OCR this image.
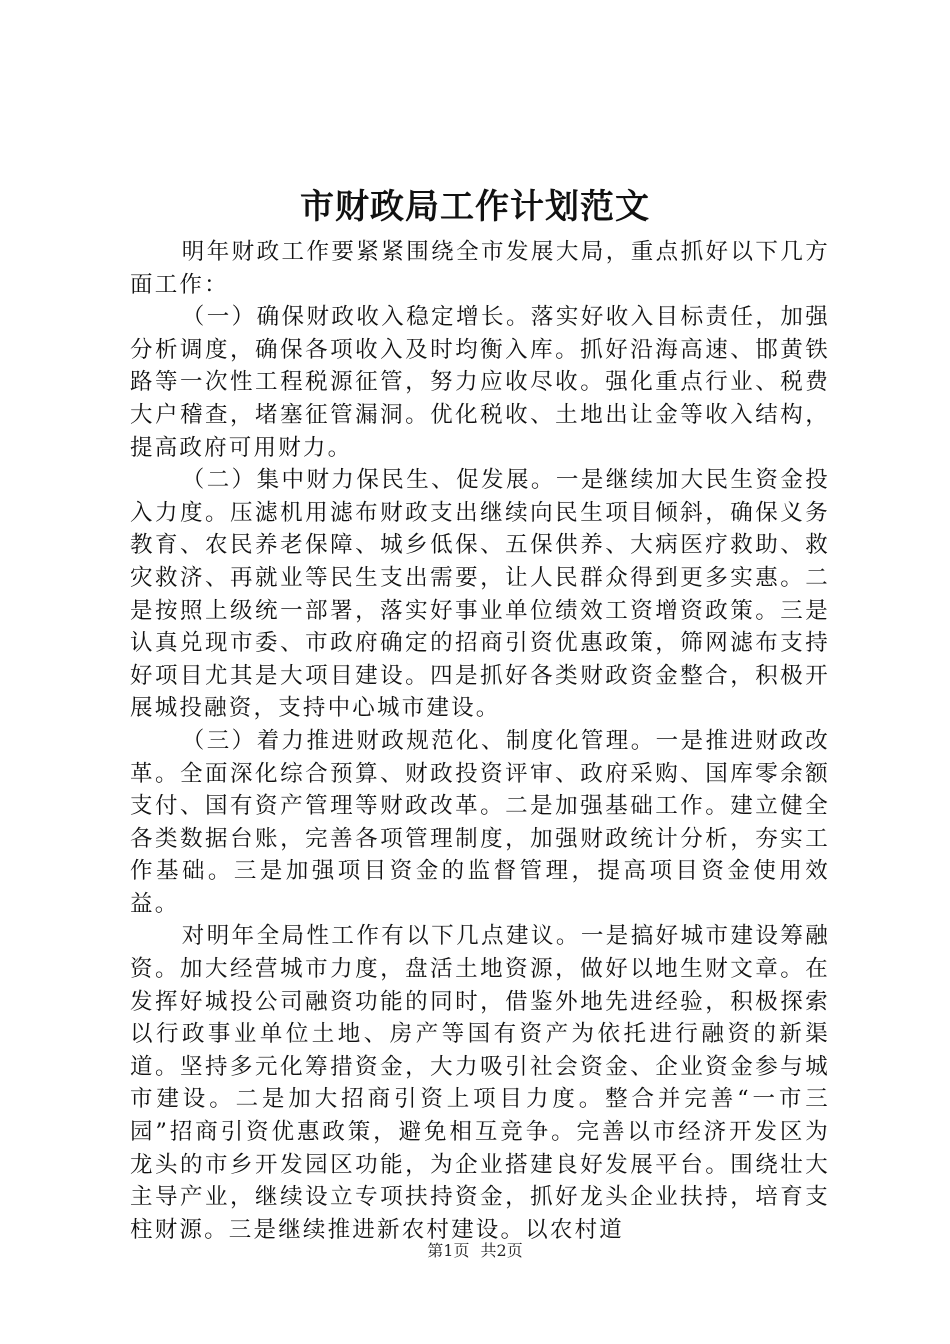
市财政局工作计划范文

明年财政工作要紧紧围绕全市发展大局，重点抓好以下几方面工作：

（一）确保财政收入稳定增长。落实好收入目标责任，加强分析调度，确保各项收入及时均衡入库。抓好沿海高速、邯黄铁路等一次性工程税源征管，努力应收尽收。强化重点行业、税费大户稽查，堵塞征管漏洞。优化税收、土地出让金等收入结构，提高政府可用财力。

（二）集中财力保民生、促发展。一是继续加大民生资金投入力度。压滤机用滤布财政支出继续向民生项目倾斜，确保义务教育、农民养老保障、城乡低保、五保供养、大病医疗救助、救灾救济、再就业等民生支出需要，让人民群众得到更多实惠。二是按照上级统一部署，落实好事业单位绩效工资增资政策。三是认真兑现市委、市政府确定的招商引资优惠政策，筛网滤布支持好项目尤其是大项目建设。四是抓好各类财政资金整合，积极开展城投融资，支持中心城市建设。

（三）着力推进财政规范化、制度化管理。一是推进财政改革。全面深化综合预算、财政投资评审、政府采购、国库零余额支付、国有资产管理等财政改革。二是加强基础工作。建立健全各类数据台账，完善各项管理制度，加强财政统计分析，夯实工作基础。三是加强项目资金的监督管理，提高项目资金使用效益。

对明年全局性工作有以下几点建议。一是搞好城市建设筹融资。加大经营城市力度，盘活土地资源，做好以地生财文章。在发挥好城投公司融资功能的同时，借鉴外地先进经验，积极探索以行政事业单位土地、房产等国有资产为依托进行融资的新渠道。坚持多元化筹措资金，大力吸引社会资金、企业资金参与城市建设。二是加大招商引资上项目力度。整合并完善“一市三园”招商引资优惠政策，避免相互竞争。完善以市经济开发区为龙头的市乡开发园区功能，为企业搭建良好发展平台。围绕壮大主导产业，继续设立专项扶持资金，抓好龙头企业扶持，培育支柱财源。三是继续推进新农村建设。以农村道

第1页 共2页
